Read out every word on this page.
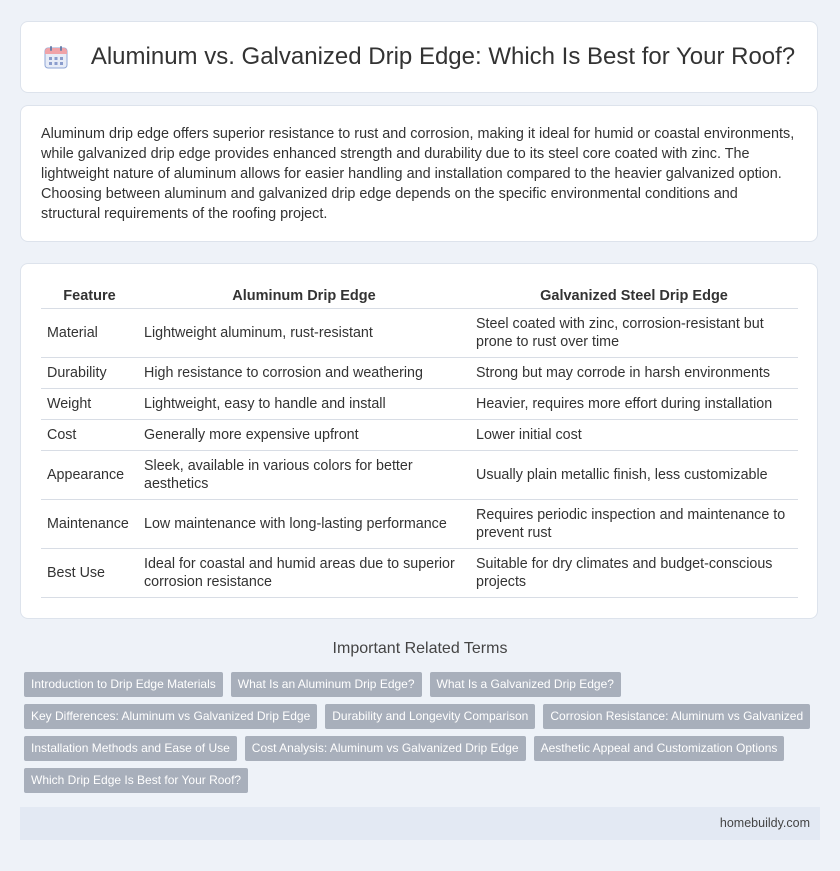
Aluminum vs. Galvanized Drip Edge: Which Is Best for Your Roof?

Aluminum drip edge offers superior resistance to rust and corrosion, making it ideal for humid or coastal environments, while galvanized drip edge provides enhanced strength and durability due to its steel core coated with zinc. The lightweight nature of aluminum allows for easier handling and installation compared to the heavier galvanized option. Choosing between aluminum and galvanized drip edge depends on the specific environmental conditions and structural requirements of the roofing project.

Feature	Aluminum Drip Edge	Galvanized Steel Drip Edge
Material	Lightweight aluminum, rust-resistant	Steel coated with zinc, corrosion-resistant but prone to rust over time
Durability	High resistance to corrosion and weathering	Strong but may corrode in harsh environments
Weight	Lightweight, easy to handle and install	Heavier, requires more effort during installation
Cost	Generally more expensive upfront	Lower initial cost
Appearance	Sleek, available in various colors for better aesthetics	Usually plain metallic finish, less customizable
Maintenance	Low maintenance with long-lasting performance	Requires periodic inspection and maintenance to prevent rust
Best Use	Ideal for coastal and humid areas due to superior corrosion resistance	Suitable for dry climates and budget-conscious projects
Important Related Terms
Introduction to Drip Edge Materials	What Is an Aluminum Drip Edge?	What Is a Galvanized Drip Edge?
Key Differences: Aluminum vs Galvanized Drip Edge	Durability and Longevity Comparison	Corrosion Resistance: Aluminum vs Galvanized
Installation Methods and Ease of Use	Cost Analysis: Aluminum vs Galvanized Drip Edge	Aesthetic Appeal and Customization Options
Which Drip Edge Is Best for Your Roof?
homebuildy.com
